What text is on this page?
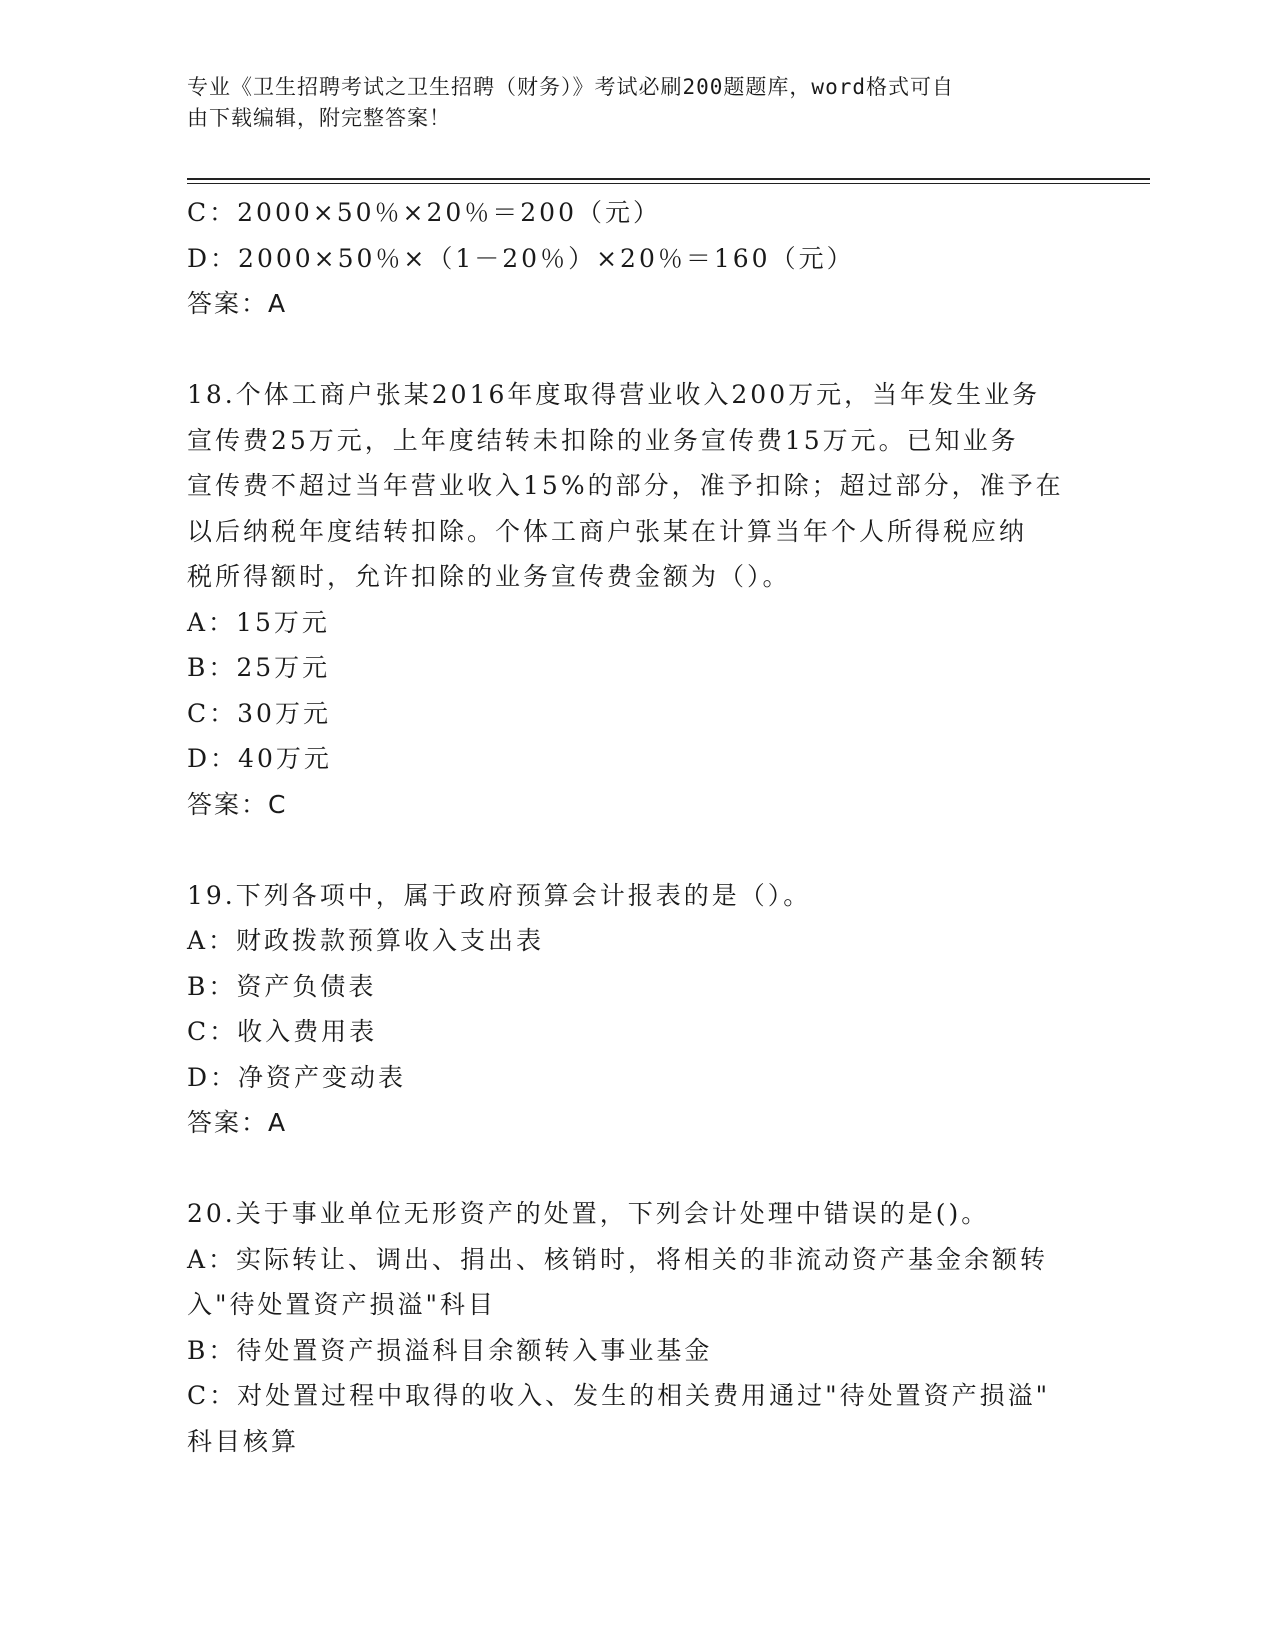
专业《卫生招聘考试之卫生招聘（财务）》考试必刷200题题库，word格式可自
由下载编辑，附完整答案！
C：2000×50％×20％＝200（元）
D：2000×50％×（1－20％）×20％＝160（元）
答案：A
18.个体工商户张某2016年度取得营业收入200万元，当年发生业务
宣传费25万元，上年度结转未扣除的业务宣传费15万元。已知业务
宣传费不超过当年营业收入15%的部分，准予扣除；超过部分，准予在
以后纳税年度结转扣除。个体工商户张某在计算当年个人所得税应纳
税所得额时，允许扣除的业务宣传费金额为（）。
A：15万元
B：25万元
C：30万元
D：40万元
答案：C
19.下列各项中，属于政府预算会计报表的是（）。
A：财政拨款预算收入支出表
B：资产负债表
C：收入费用表
D：净资产变动表
答案：A
20.关于事业单位无形资产的处置，下列会计处理中错误的是()。
A：实际转让、调出、捐出、核销时，将相关的非流动资产基金余额转
入"待处置资产损溢"科目
B：待处置资产损溢科目余额转入事业基金
C：对处置过程中取得的收入、发生的相关费用通过"待处置资产损溢"
科目核算
